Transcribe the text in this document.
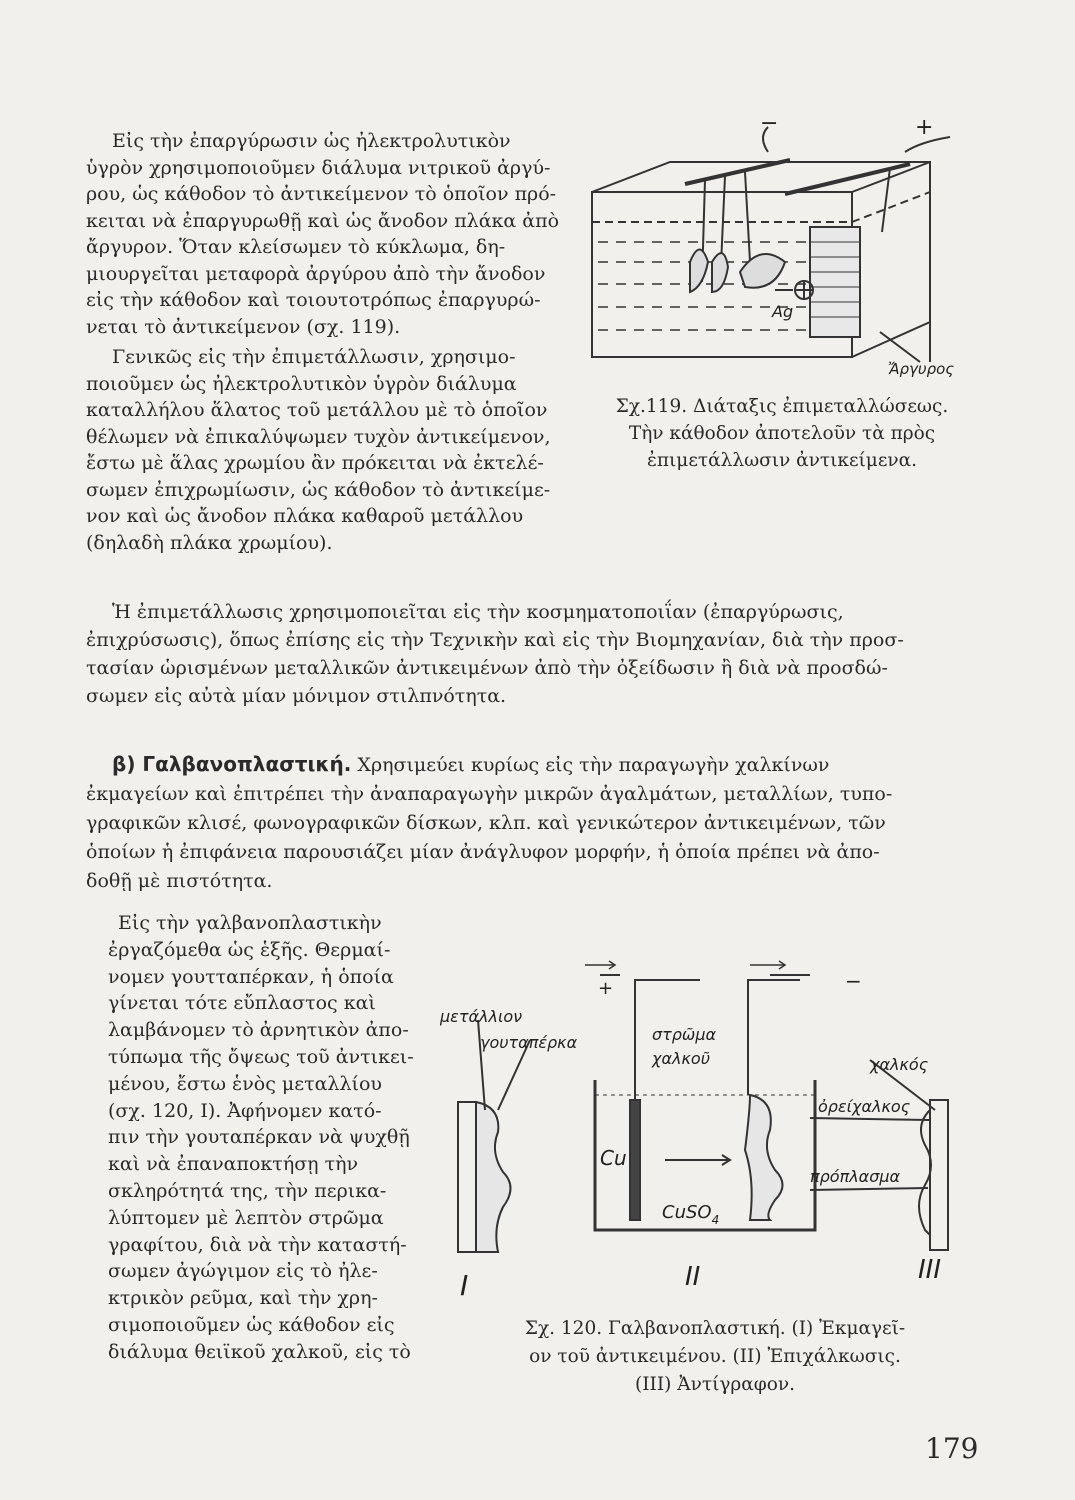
Εἰς τὴν ἐπαργύρωσιν ὡς ἠλεκτρολυτικὸν
ὑγρὸν χρησιμοποιοῦμεν διάλυμα νιτρικοῦ ἀργύ-
ρου, ὡς κάθοδον τὸ ἀντικείμενον τὸ ὁποῖον πρό-
κειται νὰ ἐπαργυρωθῇ καὶ ὡς ἄνοδον πλάκα ἀπὸ
ἄργυρον. Ὅταν κλείσωμεν τὸ κύκλωμα, δη-
μιουργεῖται μεταφορὰ ἀργύρου ἀπὸ τὴν ἄνοδον
εἰς τὴν κάθοδον καὶ τοιουτοτρόπως ἐπαργυρώ-
νεται τὸ ἀντικείμενον (σχ. 119).
Γενικῶς εἰς τὴν ἐπιμετάλλωσιν, χρησιμο-
ποιοῦμεν ὡς ἠλεκτρολυτικὸν ὑγρὸν διάλυμα
καταλλήλου ἅλατος τοῦ μετάλλου μὲ τὸ ὁποῖον
θέλωμεν νὰ ἐπικαλύψωμεν τυχὸν ἀντικείμενον,
ἔστω μὲ ἅλας χρωμίου ἂν πρόκειται νὰ ἐκτελέ-
σωμεν ἐπιχρωμίωσιν, ὡς κάθοδον τὸ ἀντικείμε-
νον καὶ ὡς ἄνοδον πλάκα καθαροῦ μετάλλου
(δηλαδὴ πλάκα χρωμίου).
−	+
Ag
Ἄργυρος
Σχ.119. Διάταξις ἐπιμεταλλώσεως.
Τὴν κάθοδον ἀποτελοῦν τὰ πρὸς
ἐπιμετάλλωσιν ἀντικείμενα.
Ἡ ἐπιμετάλλωσις χρησιμοποιεῖται εἰς τὴν κοσμηματοποιΐαν (ἐπαργύρωσις,
ἐπιχρύσωσις), ὅπως ἐπίσης εἰς τὴν Τεχνικὴν καὶ εἰς τὴν Βιομηχανίαν, διὰ τὴν προσ-
τασίαν ὡρισμένων μεταλλικῶν ἀντικειμένων ἀπὸ τὴν ὀξείδωσιν ἢ διὰ νὰ προσδώ-
σωμεν εἰς αὐτὰ μίαν μόνιμον στιλπνότητα.
β) Γαλβανοπλαστική. Χρησιμεύει κυρίως εἰς τὴν παραγωγὴν χαλκίνων
ἐκμαγείων καὶ ἐπιτρέπει τὴν ἀναπαραγωγὴν μικρῶν ἀγαλμάτων, μεταλλίων, τυπο-
γραφικῶν κλισέ, φωνογραφικῶν δίσκων, κλπ. καὶ γενικώτερον ἀντικειμένων, τῶν
ὁποίων ἡ ἐπιφάνεια παρουσιάζει μίαν ἀνάγλυφον μορφήν, ἡ ὁποία πρέπει νὰ ἀπο-
δοθῇ μὲ πιστότητα.
Εἰς τὴν γαλβανοπλαστικὴν
ἐργαζόμεθα ὡς ἑξῆς. Θερμαί-
νομεν γουτταπέρκαν, ἡ ὁποία
γίνεται τότε εὔπλαστος καὶ
λαμβάνομεν τὸ ἀρνητικὸν ἀπο-
τύπωμα τῆς ὄψεως τοῦ ἀντικει-
μένου, ἔστω ἑνὸς μεταλλίου
(σχ. 120, Ι). Ἀφήνομεν κατό-
πιν τὴν γουταπέρκαν νὰ ψυχθῇ
καὶ νὰ ἐπαναποκτήσῃ τὴν
σκληρότητά της, τὴν περικα-
λύπτομεν μὲ λεπτὸν στρῶμα
γραφίτου, διὰ νὰ τὴν καταστή-
σωμεν ἀγώγιμον εἰς τὸ ἠλε-
κτρικὸν ρεῦμα, καὶ τὴν χρη-
σιμοποιοῦμεν ὡς κάθοδον εἰς
διάλυμα θειϊκοῦ χαλκοῦ, εἰς τὸ
+	−
μετάλλιον
γουταπέρκα	στρῶμα
χαλκοῦ	χαλκός
ὀρείχαλκος
πρόπλασμα
Cu
CuSO$_4$
I	II	III
Σχ. 120. Γαλβανοπλαστική. (Ι) Ἐκμαγεῖ-
ον τοῦ ἀντικειμένου. (ΙΙ) Ἐπιχάλκωσις.
(ΙΙΙ) Ἀντίγραφον.
179
